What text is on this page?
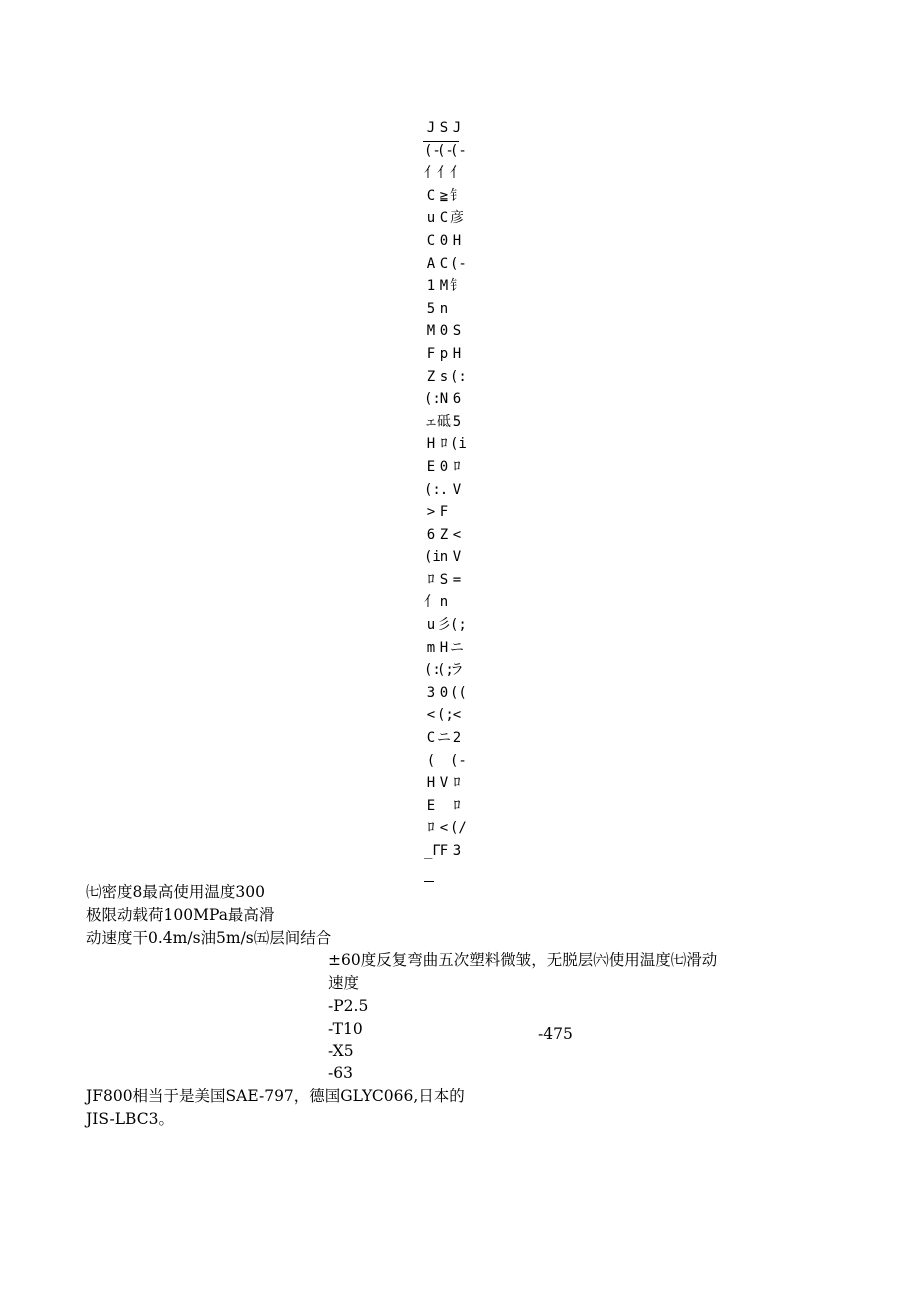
J
(-
亻
C
u
C
A
1
5
M
F
Z
(:
ェ
H
E
(:
>
6
(i
ﾛ
亻
u
m
(:
3
<
C
(
H
E
ﾛ
_Γ
S
(-
亻
≧
C
0
C
M
n
0
p
s
N
砥
ﾛ
0
.
F
Z
n
S
n
彡
H
(;
0
(;
ニ
V
<
F
J
(-
亻
钅
彦
H
(-
钅
S
H
(:
6
5
(i
ﾛ
V
<
V
=
(;
ニ
ラ
((
<
2
(-
ﾛ
ﾛ
(/
3
㈦密度8最高使用温度300
极限动载荷100MPa最高滑
动速度干0.4m/s油5m/s㈤层间结合
±60度反复弯曲五次塑料微皱，无脱层㈥使用温度㈦滑动
速度
-P2.5
-T10	-475
-X5
-63
JF800相当于是美国SAE-797，德国GLYC066,日本的
JIS-LBC3。
